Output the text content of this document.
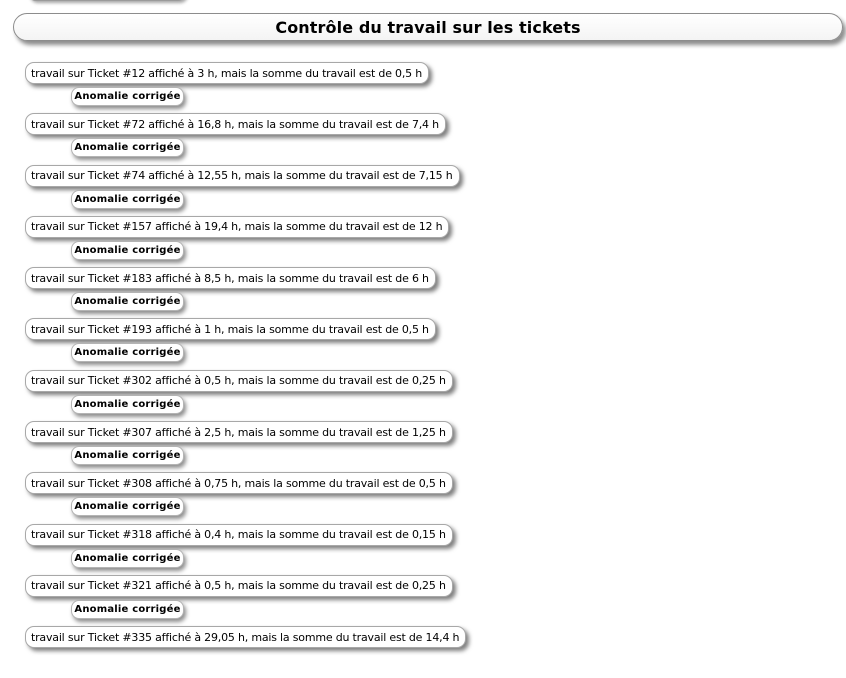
Contrôle du travail sur les tickets
travail sur Ticket #12 affiché à 3 h, mais la somme du travail est de 0,5 h
Anomalie corrigée
travail sur Ticket #72 affiché à 16,8 h, mais la somme du travail est de 7,4 h
Anomalie corrigée
travail sur Ticket #74 affiché à 12,55 h, mais la somme du travail est de 7,15 h
Anomalie corrigée
travail sur Ticket #157 affiché à 19,4 h, mais la somme du travail est de 12 h
Anomalie corrigée
travail sur Ticket #183 affiché à 8,5 h, mais la somme du travail est de 6 h
Anomalie corrigée
travail sur Ticket #193 affiché à 1 h, mais la somme du travail est de 0,5 h
Anomalie corrigée
travail sur Ticket #302 affiché à 0,5 h, mais la somme du travail est de 0,25 h
Anomalie corrigée
travail sur Ticket #307 affiché à 2,5 h, mais la somme du travail est de 1,25 h
Anomalie corrigée
travail sur Ticket #308 affiché à 0,75 h, mais la somme du travail est de 0,5 h
Anomalie corrigée
travail sur Ticket #318 affiché à 0,4 h, mais la somme du travail est de 0,15 h
Anomalie corrigée
travail sur Ticket #321 affiché à 0,5 h, mais la somme du travail est de 0,25 h
Anomalie corrigée
travail sur Ticket #335 affiché à 29,05 h, mais la somme du travail est de 14,4 h
